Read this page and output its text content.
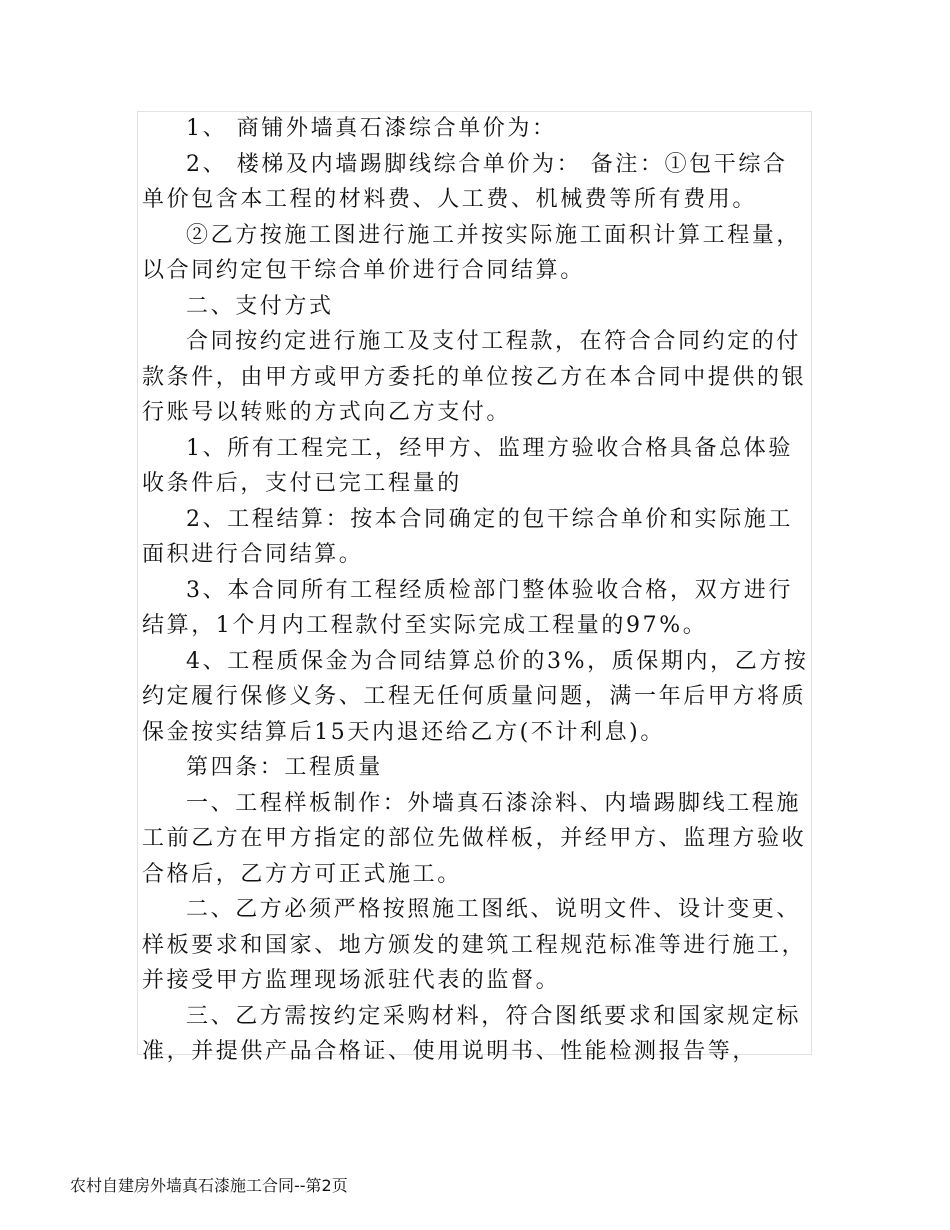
1、 商铺外墙真石漆综合单价为：

2、 楼梯及内墙踢脚线综合单价为： 备注：①包干综合单价包含本工程的材料费、人工费、机械费等所有费用。

②乙方按施工图进行施工并按实际施工面积计算工程量，以合同约定包干综合单价进行合同结算。

二、支付方式

合同按约定进行施工及支付工程款，在符合合同约定的付款条件，由甲方或甲方委托的单位按乙方在本合同中提供的银行账号以转账的方式向乙方支付。

1、所有工程完工，经甲方、监理方验收合格具备总体验收条件后，支付已完工程量的

2、工程结算：按本合同确定的包干综合单价和实际施工面积进行合同结算。

3、本合同所有工程经质检部门整体验收合格，双方进行结算，1个月内工程款付至实际完成工程量的97%。

4、工程质保金为合同结算总价的3%，质保期内，乙方按约定履行保修义务、工程无任何质量问题，满一年后甲方将质保金按实结算后15天内退还给乙方(不计利息)。

第四条：工程质量

一、工程样板制作：外墙真石漆涂料、内墙踢脚线工程施工前乙方在甲方指定的部位先做样板，并经甲方、监理方验收合格后，乙方方可正式施工。

二、乙方必须严格按照施工图纸、说明文件、设计变更、样板要求和国家、地方颁发的建筑工程规范标准等进行施工，并接受甲方监理现场派驻代表的监督。

三、乙方需按约定采购材料，符合图纸要求和国家规定标准，并提供产品合格证、使用说明书、性能检测报告等，

农村自建房外墙真石漆施工合同--第2页
